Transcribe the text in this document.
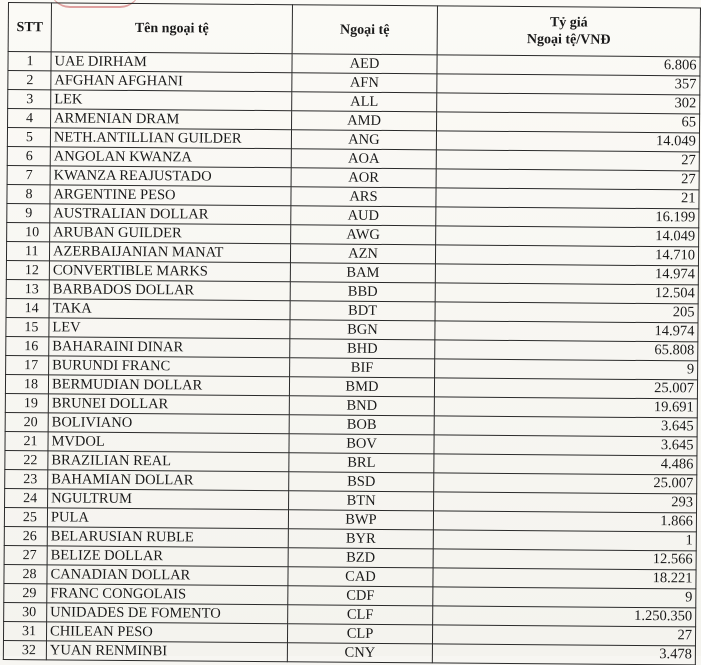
STT	Tên ngoại tệ	Ngoại tệ	Tỷ giá
Ngoại tệ/VNĐ

1	UAE DIRHAM	AED	6.806
2	AFGHAN AFGHANI	AFN	357
3	LEK	ALL	302
4	ARMENIAN DRAM	AMD	65
5	NETH.ANTILLIAN GUILDER	ANG	14.049
6	ANGOLAN KWANZA	AOA	27
7	KWANZA REAJUSTADO	AOR	27
8	ARGENTINE PESO	ARS	21
9	AUSTRALIAN DOLLAR	AUD	16.199
10	ARUBAN GUILDER	AWG	14.049
11	AZERBAIJANIAN MANAT	AZN	14.710
12	CONVERTIBLE MARKS	BAM	14.974
13	BARBADOS DOLLAR	BBD	12.504
14	TAKA	BDT	205
15	LEV	BGN	14.974
16	BAHARAINI DINAR	BHD	65.808
17	BURUNDI FRANC	BIF	9
18	BERMUDIAN DOLLAR	BMD	25.007
19	BRUNEI DOLLAR	BND	19.691
20	BOLIVIANO	BOB	3.645
21	MVDOL	BOV	3.645
22	BRAZILIAN REAL	BRL	4.486
23	BAHAMIAN DOLLAR	BSD	25.007
24	NGULTRUM	BTN	293
25	PULA	BWP	1.866
26	BELARUSIAN RUBLE	BYR	1
27	BELIZE DOLLAR	BZD	12.566
28	CANADIAN DOLLAR	CAD	18.221
29	FRANC CONGOLAIS	CDF	9
30	UNIDADES DE FOMENTO	CLF	1.250.350
31	CHILEAN PESO	CLP	27
32	YUAN RENMINBI	CNY	3.478
